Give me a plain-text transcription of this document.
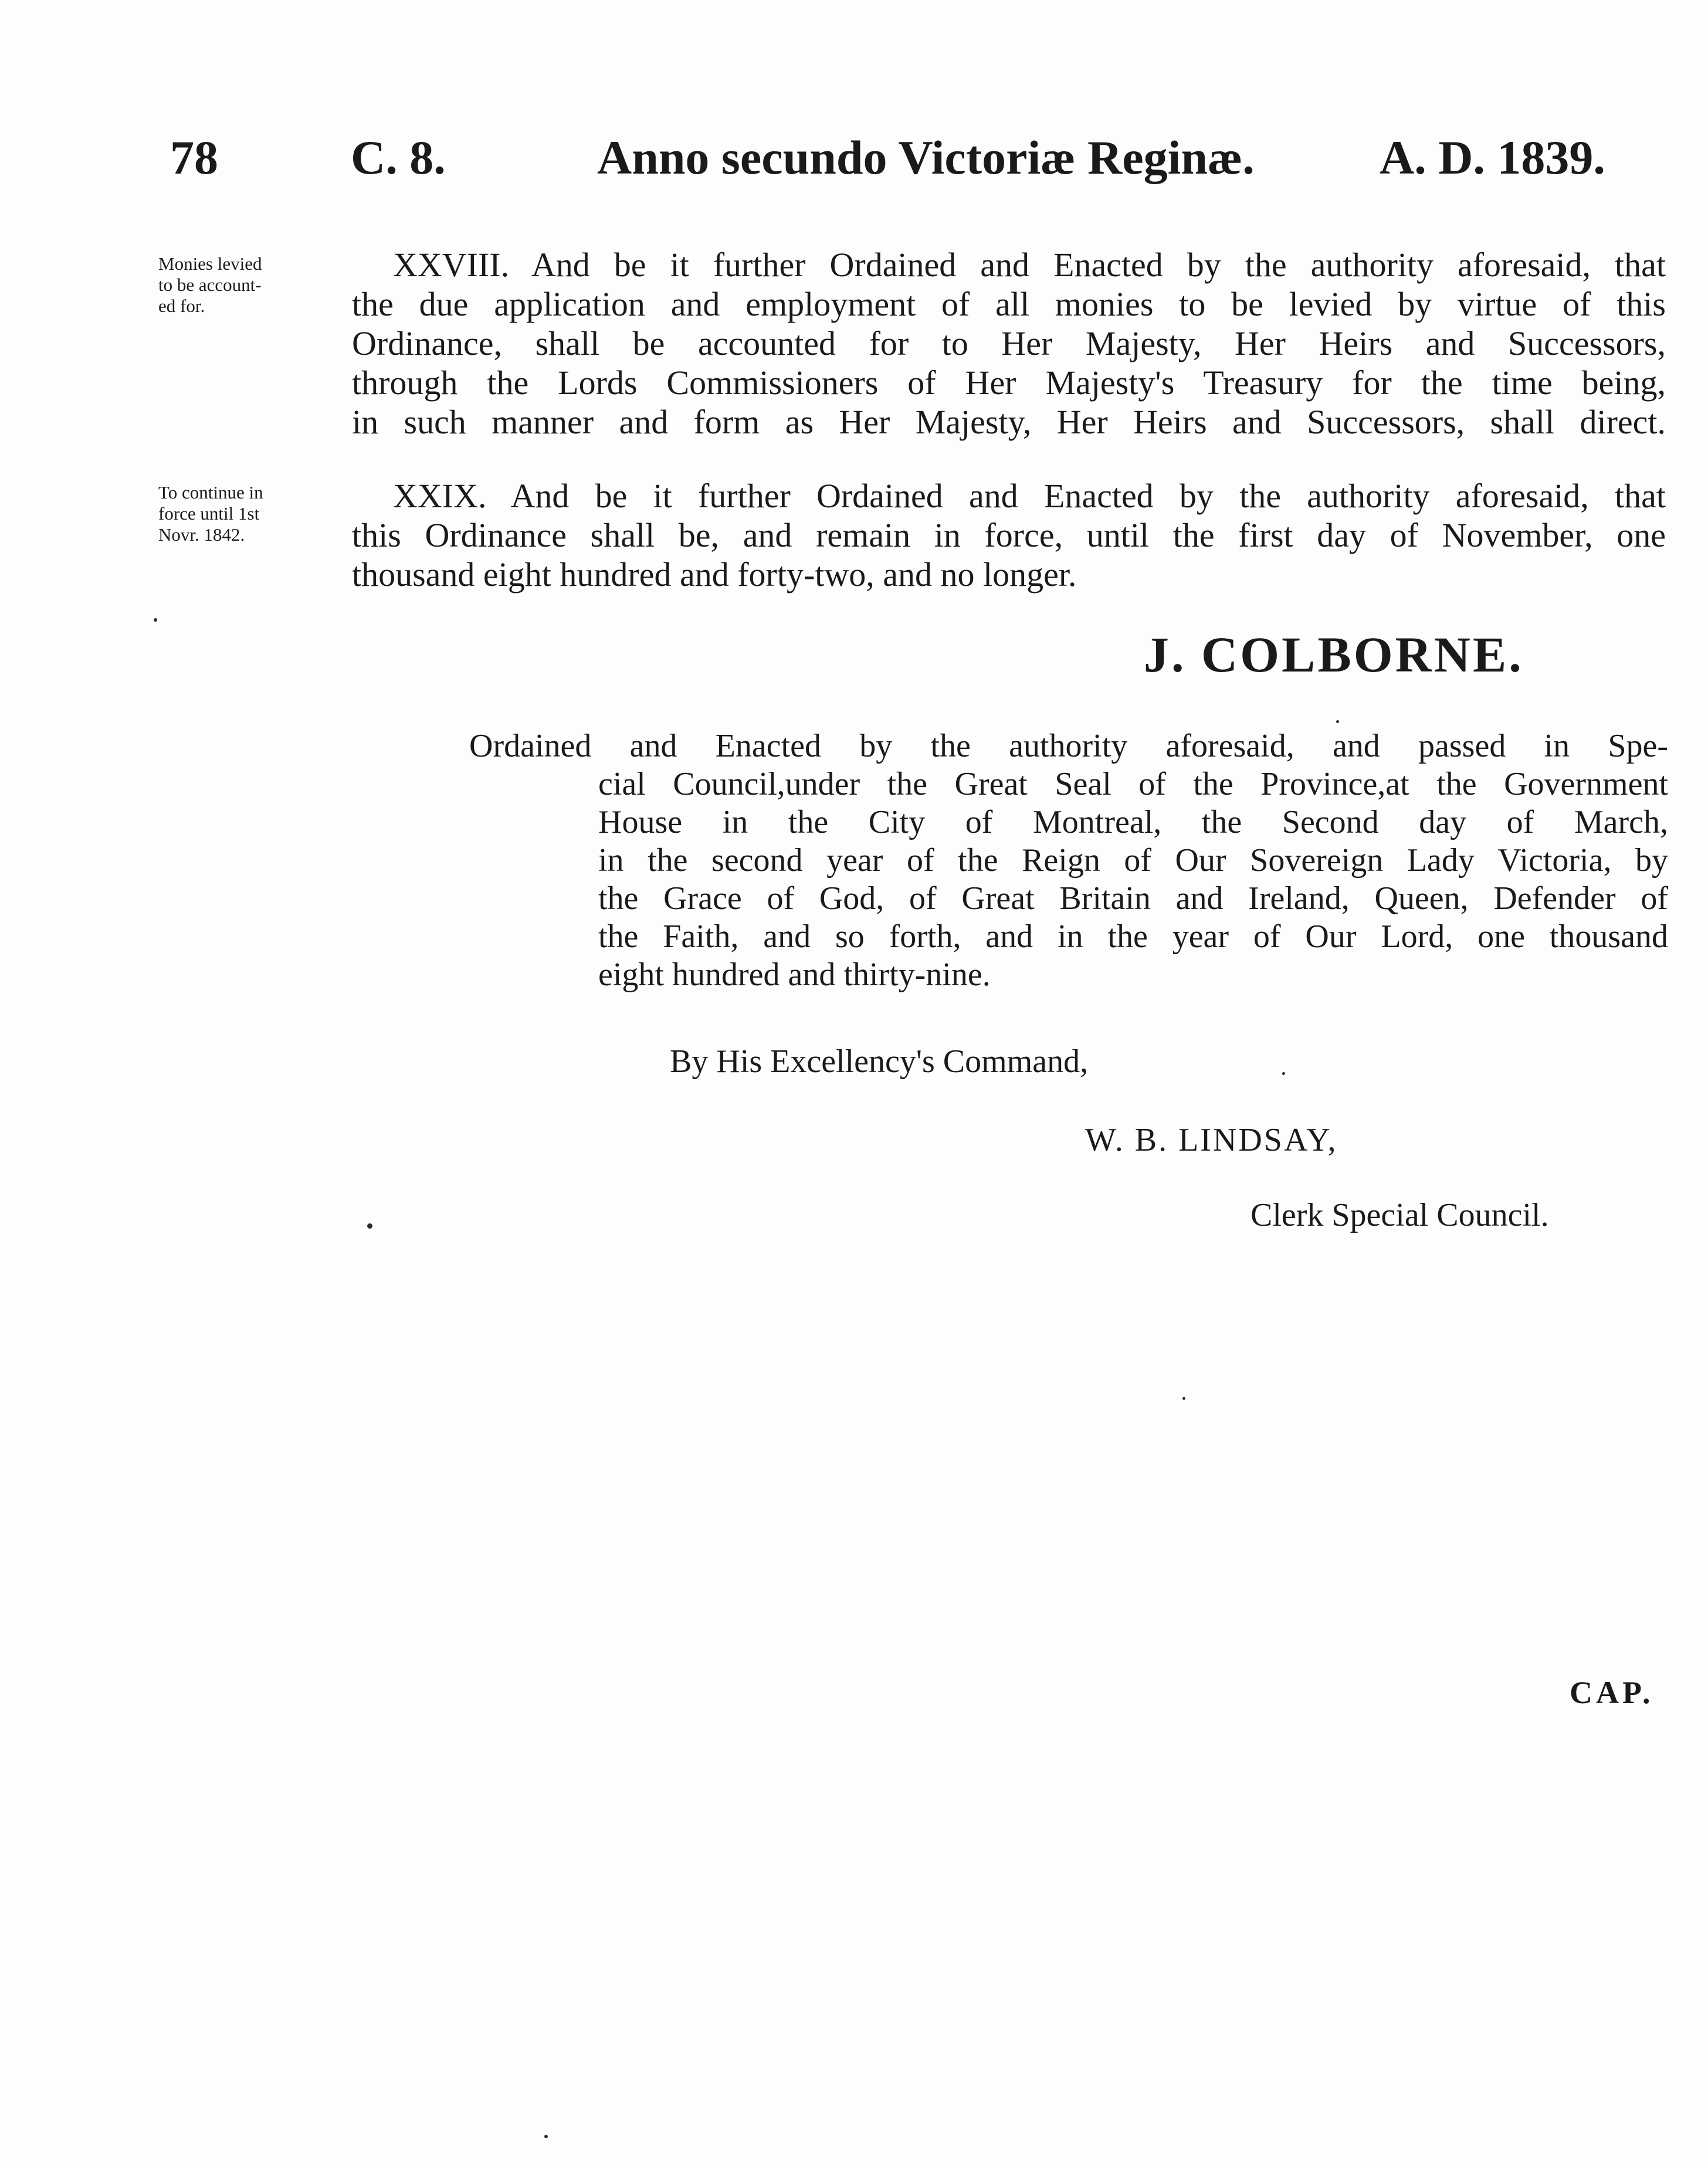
78	C. 8.	Anno secundo Victoriæ Reginæ.	A. D. 1839.
Monies levied
to be account-
ed for.
XXVIII. And be it further Ordained and Enacted by the authority aforesaid, that
the due application and employment of all monies to be levied by virtue of this
Ordinance, shall be accounted for to Her Majesty, Her Heirs and Successors,
through the Lords Commissioners of Her Majesty's Treasury for the time being,
in such manner and form as Her Majesty, Her Heirs and Successors, shall direct.
To continue in
force until 1st
Novr. 1842.
XXIX. And be it further Ordained and Enacted by the authority aforesaid, that
this Ordinance shall be, and remain in force, until the first day of November, one
thousand eight hundred and forty-two, and no longer.
J. COLBORNE.
Ordained and Enacted by the authority aforesaid, and passed in Spe-
cial Council,under the Great Seal of the Province,at the Government
House in the City of Montreal, the Second day of March,
in the second year of the Reign of Our Sovereign Lady Victoria, by
the Grace of God, of Great Britain and Ireland, Queen, Defender of
the Faith, and so forth, and in the year of Our Lord, one thousand
eight hundred and thirty-nine.
By His Excellency's Command,
W. B. LINDSAY,
Clerk Special Council.
CAP.
